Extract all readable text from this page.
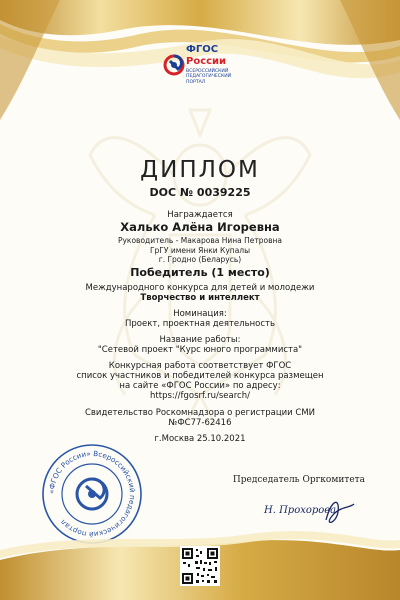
ФГОС
России
ВСЕРОССИЙСКИЙ ПЕДАГОГИЧЕСКИЙ ПОРТАЛ
ДИПЛОМ
DOC № 0039225
Награждается
Халько Алёна Игоревна
Руководитель - Макарова Нина Петровна
ГрГУ имени Янки Купалы
г. Гродно (Беларусь)
Победитель (1 место)
Международного конкурса для детей и молодежи
Творчество и интеллект
Номинация:
Проект, проектная деятельность
Название работы:
"Сетевой проект "Курс юного программиста"
Конкурсная работа соответствует ФГОС
список участников и победителей конкурса размещен
на сайте «ФГОС России» по адресу:
https://fgosrf.ru/search/
Свидетельство Роскомнадзора о регистрации СМИ
№ФС77-62416
г.Москва 25.10.2021
«ФГОС России» Всероссийский педагогический портал
Председатель Оргкомитета
Н. Прохорова
